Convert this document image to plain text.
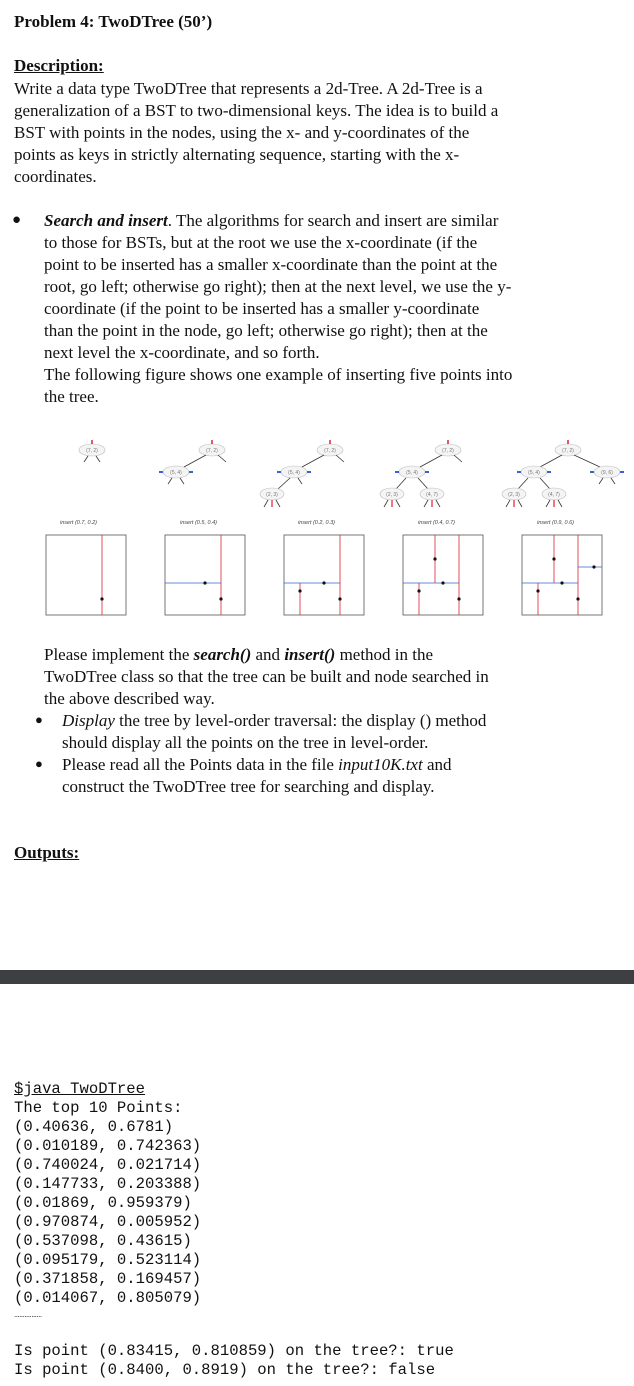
Problem 4: TwoDTree (50’)
Description:
Write a data type TwoDTree that represents a 2d-Tree. A 2d-Tree is a
generalization of a BST to two-dimensional keys. The idea is to build a
BST with points in the nodes, using the x- and y-coordinates of the
points as keys in strictly alternating sequence, starting with the x-
coordinates.
● Search and insert. The algorithms for search and insert are similar
to those for BSTs, but at the root we use the x-coordinate (if the
point to be inserted has a smaller x-coordinate than the point at the
root, go left; otherwise go right); then at the next level, we use the y-
coordinate (if the point to be inserted has a smaller y-coordinate
than the point in the node, go left; otherwise go right); then at the
next level the x-coordinate, and so forth.
The following figure shows one example of inserting five points into
the tree.
(7, 2)	(7, 2)
(5, 4)
(7, 2)
(5, 4)
(2, 3)
(7, 2)
(5, 4)
(2, 3)	(4, 7)
(7, 2)
(5, 4)	(9, 6)
(2, 3)	(4, 7)
insert (0.7, 0.2)	insert (0.5, 0.4)	insert (0.2, 0.3)	insert (0.4, 0.7)	insert (0.9, 0.6)
Please implement the search() and insert() method in the
TwoDTree class so that the tree can be built and node searched in
the above described way.
● Display the tree by level-order traversal: the display () method
should display all the points on the tree in level-order.
● Please read all the Points data in the file input10K.txt and
construct the TwoDTree tree for searching and display.
Outputs:
$java TwoDTree
The top 10 Points:
(0.40636, 0.6781)
(0.010189, 0.742363)
(0.740024, 0.021714)
(0.147733, 0.203388)
(0.01869, 0.959379)
(0.970874, 0.005952)
(0.537098, 0.43615)
(0.095179, 0.523114)
(0.371858, 0.169457)
(0.014067, 0.805079)
................
Is point (0.83415, 0.810859) on the tree?: true
Is point (0.8400, 0.8919) on the tree?: false
